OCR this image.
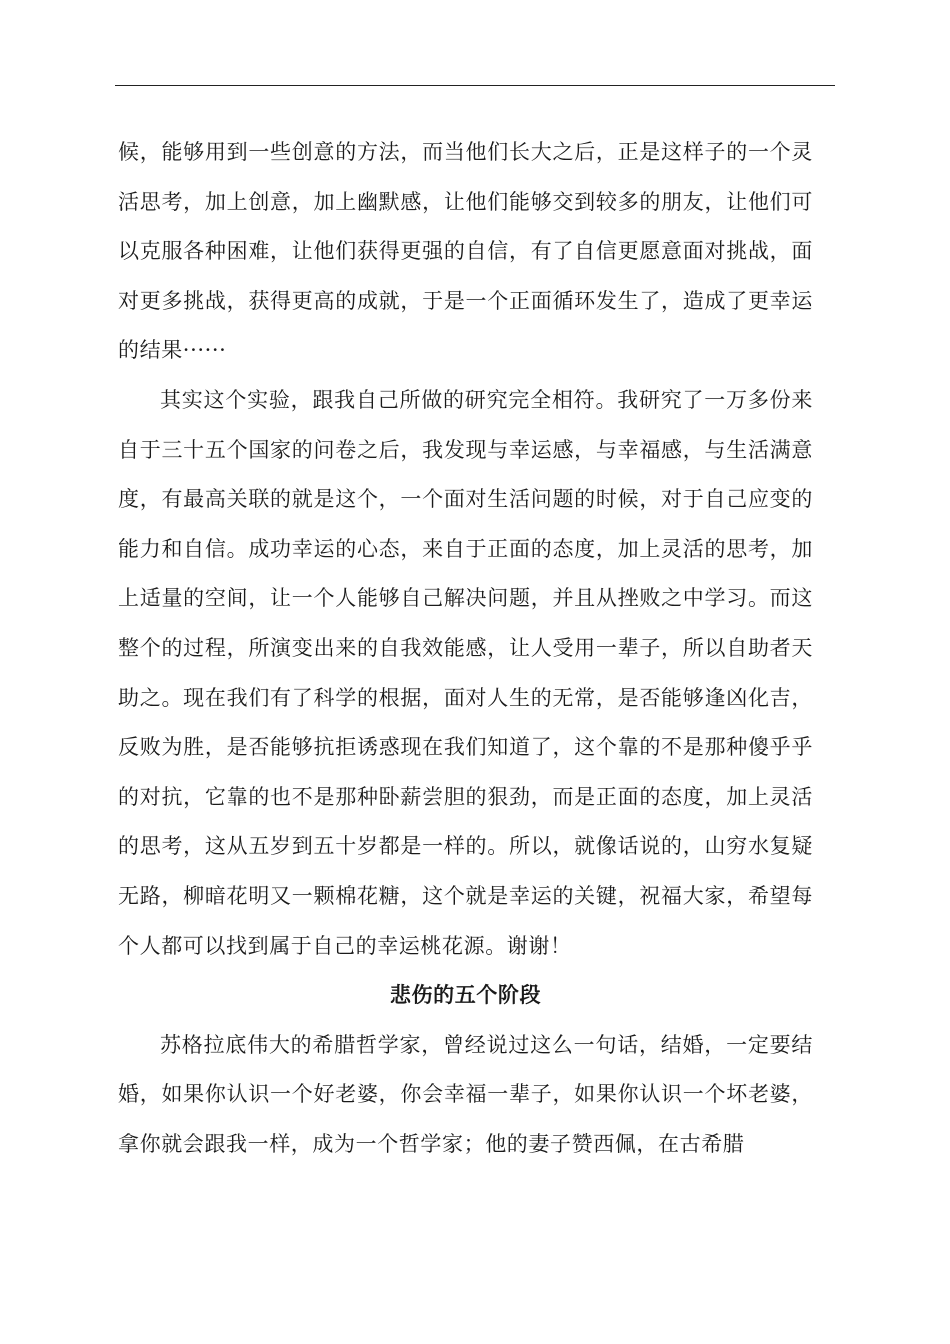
候，能够用到一些创意的方法，而当他们长大之后，正是这样子的一个灵活思考，加上创意，加上幽默感，让他们能够交到较多的朋友，让他们可以克服各种困难，让他们获得更强的自信，有了自信更愿意面对挑战，面对更多挑战，获得更高的成就，于是一个正面循环发生了，造成了更幸运的结果······

其实这个实验，跟我自己所做的研究完全相符。我研究了一万多份来自于三十五个国家的问卷之后，我发现与幸运感，与幸福感，与生活满意度，有最高关联的就是这个，一个面对生活问题的时候，对于自己应变的能力和自信。成功幸运的心态，来自于正面的态度，加上灵活的思考，加上适量的空间，让一个人能够自己解决问题，并且从挫败之中学习。而这整个的过程，所演变出来的自我效能感，让人受用一辈子，所以自助者天助之。现在我们有了科学的根据，面对人生的无常，是否能够逢凶化吉，反败为胜，是否能够抗拒诱惑现在我们知道了，这个靠的不是那种傻乎乎的对抗，它靠的也不是那种卧薪尝胆的狠劲，而是正面的态度，加上灵活的思考，这从五岁到五十岁都是一样的。所以，就像话说的，山穷水复疑无路，柳暗花明又一颗棉花糖，这个就是幸运的关键，祝福大家，希望每个人都可以找到属于自己的幸运桃花源。谢谢！

悲伤的五个阶段

苏格拉底伟大的希腊哲学家，曾经说过这么一句话，结婚，一定要结婚，如果你认识一个好老婆，你会幸福一辈子，如果你认识一个坏老婆，拿你就会跟我一样，成为一个哲学家；他的妻子赞西佩，在古希腊
